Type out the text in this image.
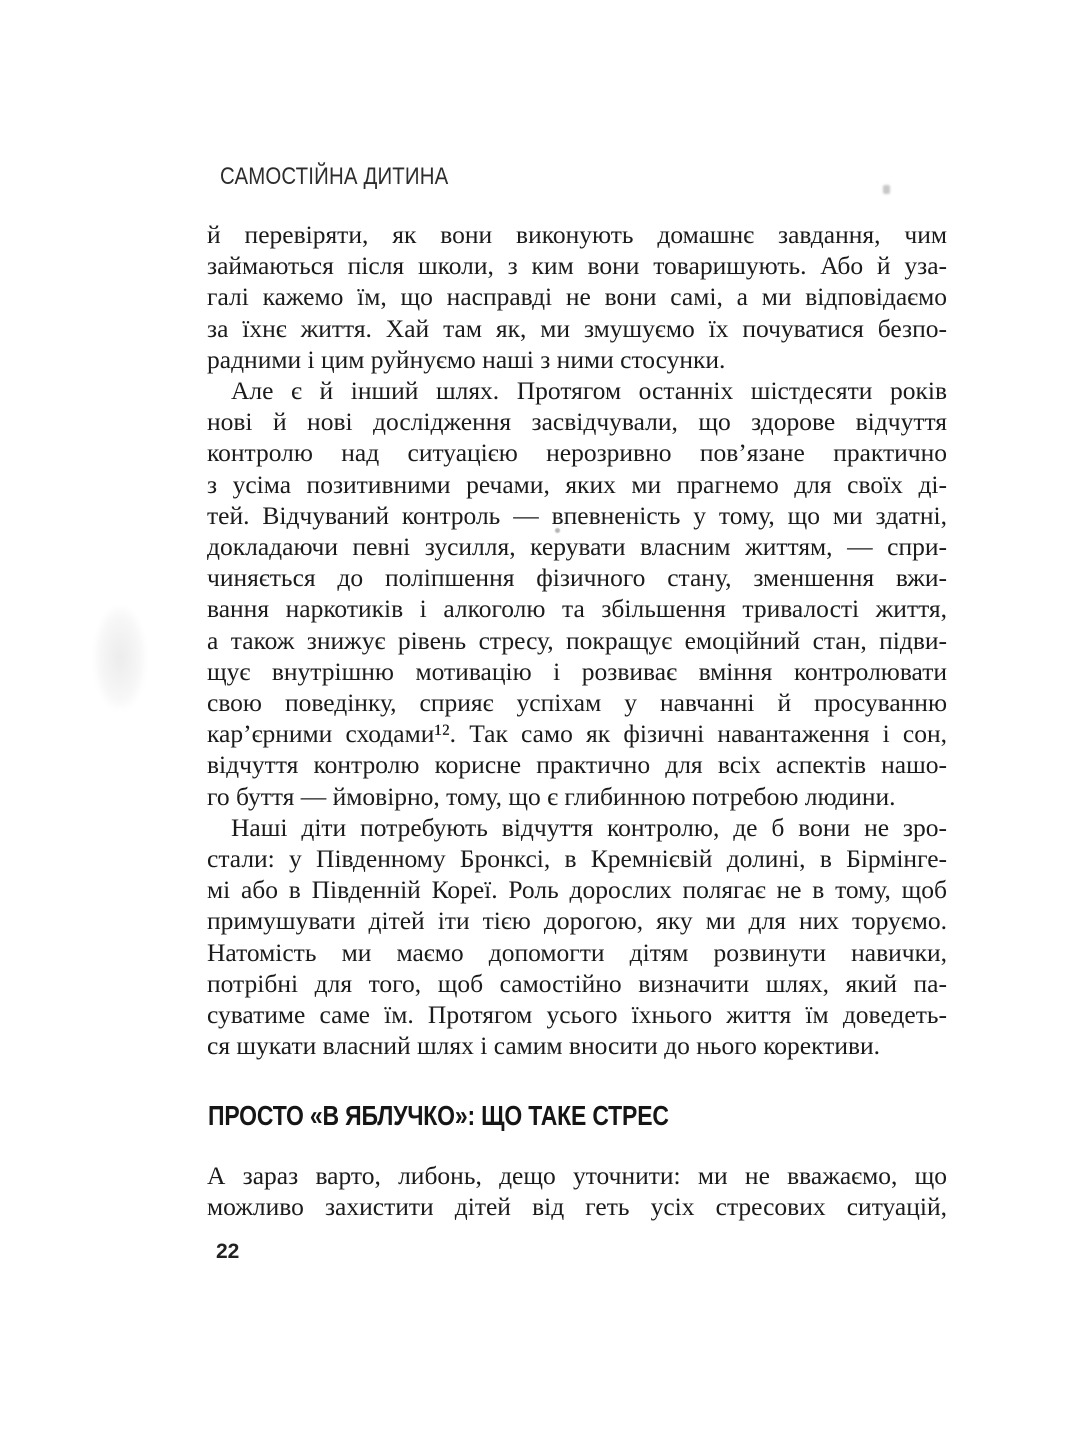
САМОСТІЙНА ДИТИНА
й перевіряти, як вони виконують домашнє завдання, чим
займаються після школи, з ким вони товаришують. Або й уза-
галі кажемо їм, що насправді не вони самі, а ми відповідаємо
за їхнє життя. Хай там як, ми змушуємо їх почуватися безпо-
радними і цим руйнуємо наші з ними стосунки.
Але є й інший шлях. Протягом останніх шістдесяти років
нові й нові дослідження засвідчували, що здорове відчуття
контролю над ситуацією нерозривно пов’язане практично
з усіма позитивними речами, яких ми прагнемо для своїх ді-
тей. Відчуваний контроль — впевненість у тому, що ми здатні,
докладаючи певні зусилля, керувати власним життям, — спри-
чиняється до поліпшення фізичного стану, зменшення вжи-
вання наркотиків і алкоголю та збільшення тривалості життя,
а також знижує рівень стресу, покращує емоційний стан, підви-
щує внутрішню мотивацію і розвиває вміння контролювати
свою поведінку, сприяє успіхам у навчанні й просуванню
кар’єрними сходами¹². Так само як фізичні навантаження і сон,
відчуття контролю корисне практично для всіх аспектів нашо-
го буття — ймовірно, тому, що є глибинною потребою людини.
Наші діти потребують відчуття контролю, де б вони не зро-
стали: у Південному Бронксі, в Кремнієвій долині, в Бірмінге-
мі або в Південній Кореї. Роль дорослих полягає не в тому, щоб
примушувати дітей іти тією дорогою, яку ми для них торуємо.
Натомість ми маємо допомогти дітям розвинути навички,
потрібні для того, щоб самостійно визначити шлях, який па-
суватиме саме їм. Протягом усього їхнього життя їм доведеть-
ся шукати власний шлях і самим вносити до нього корективи.
ПРОСТО «В ЯБЛУЧКО»: ЩО ТАКЕ СТРЕС
А зараз варто, либонь, дещо уточнити: ми не вважаємо, що
можливо захистити дітей від геть усіх стресових ситуацій,
22
